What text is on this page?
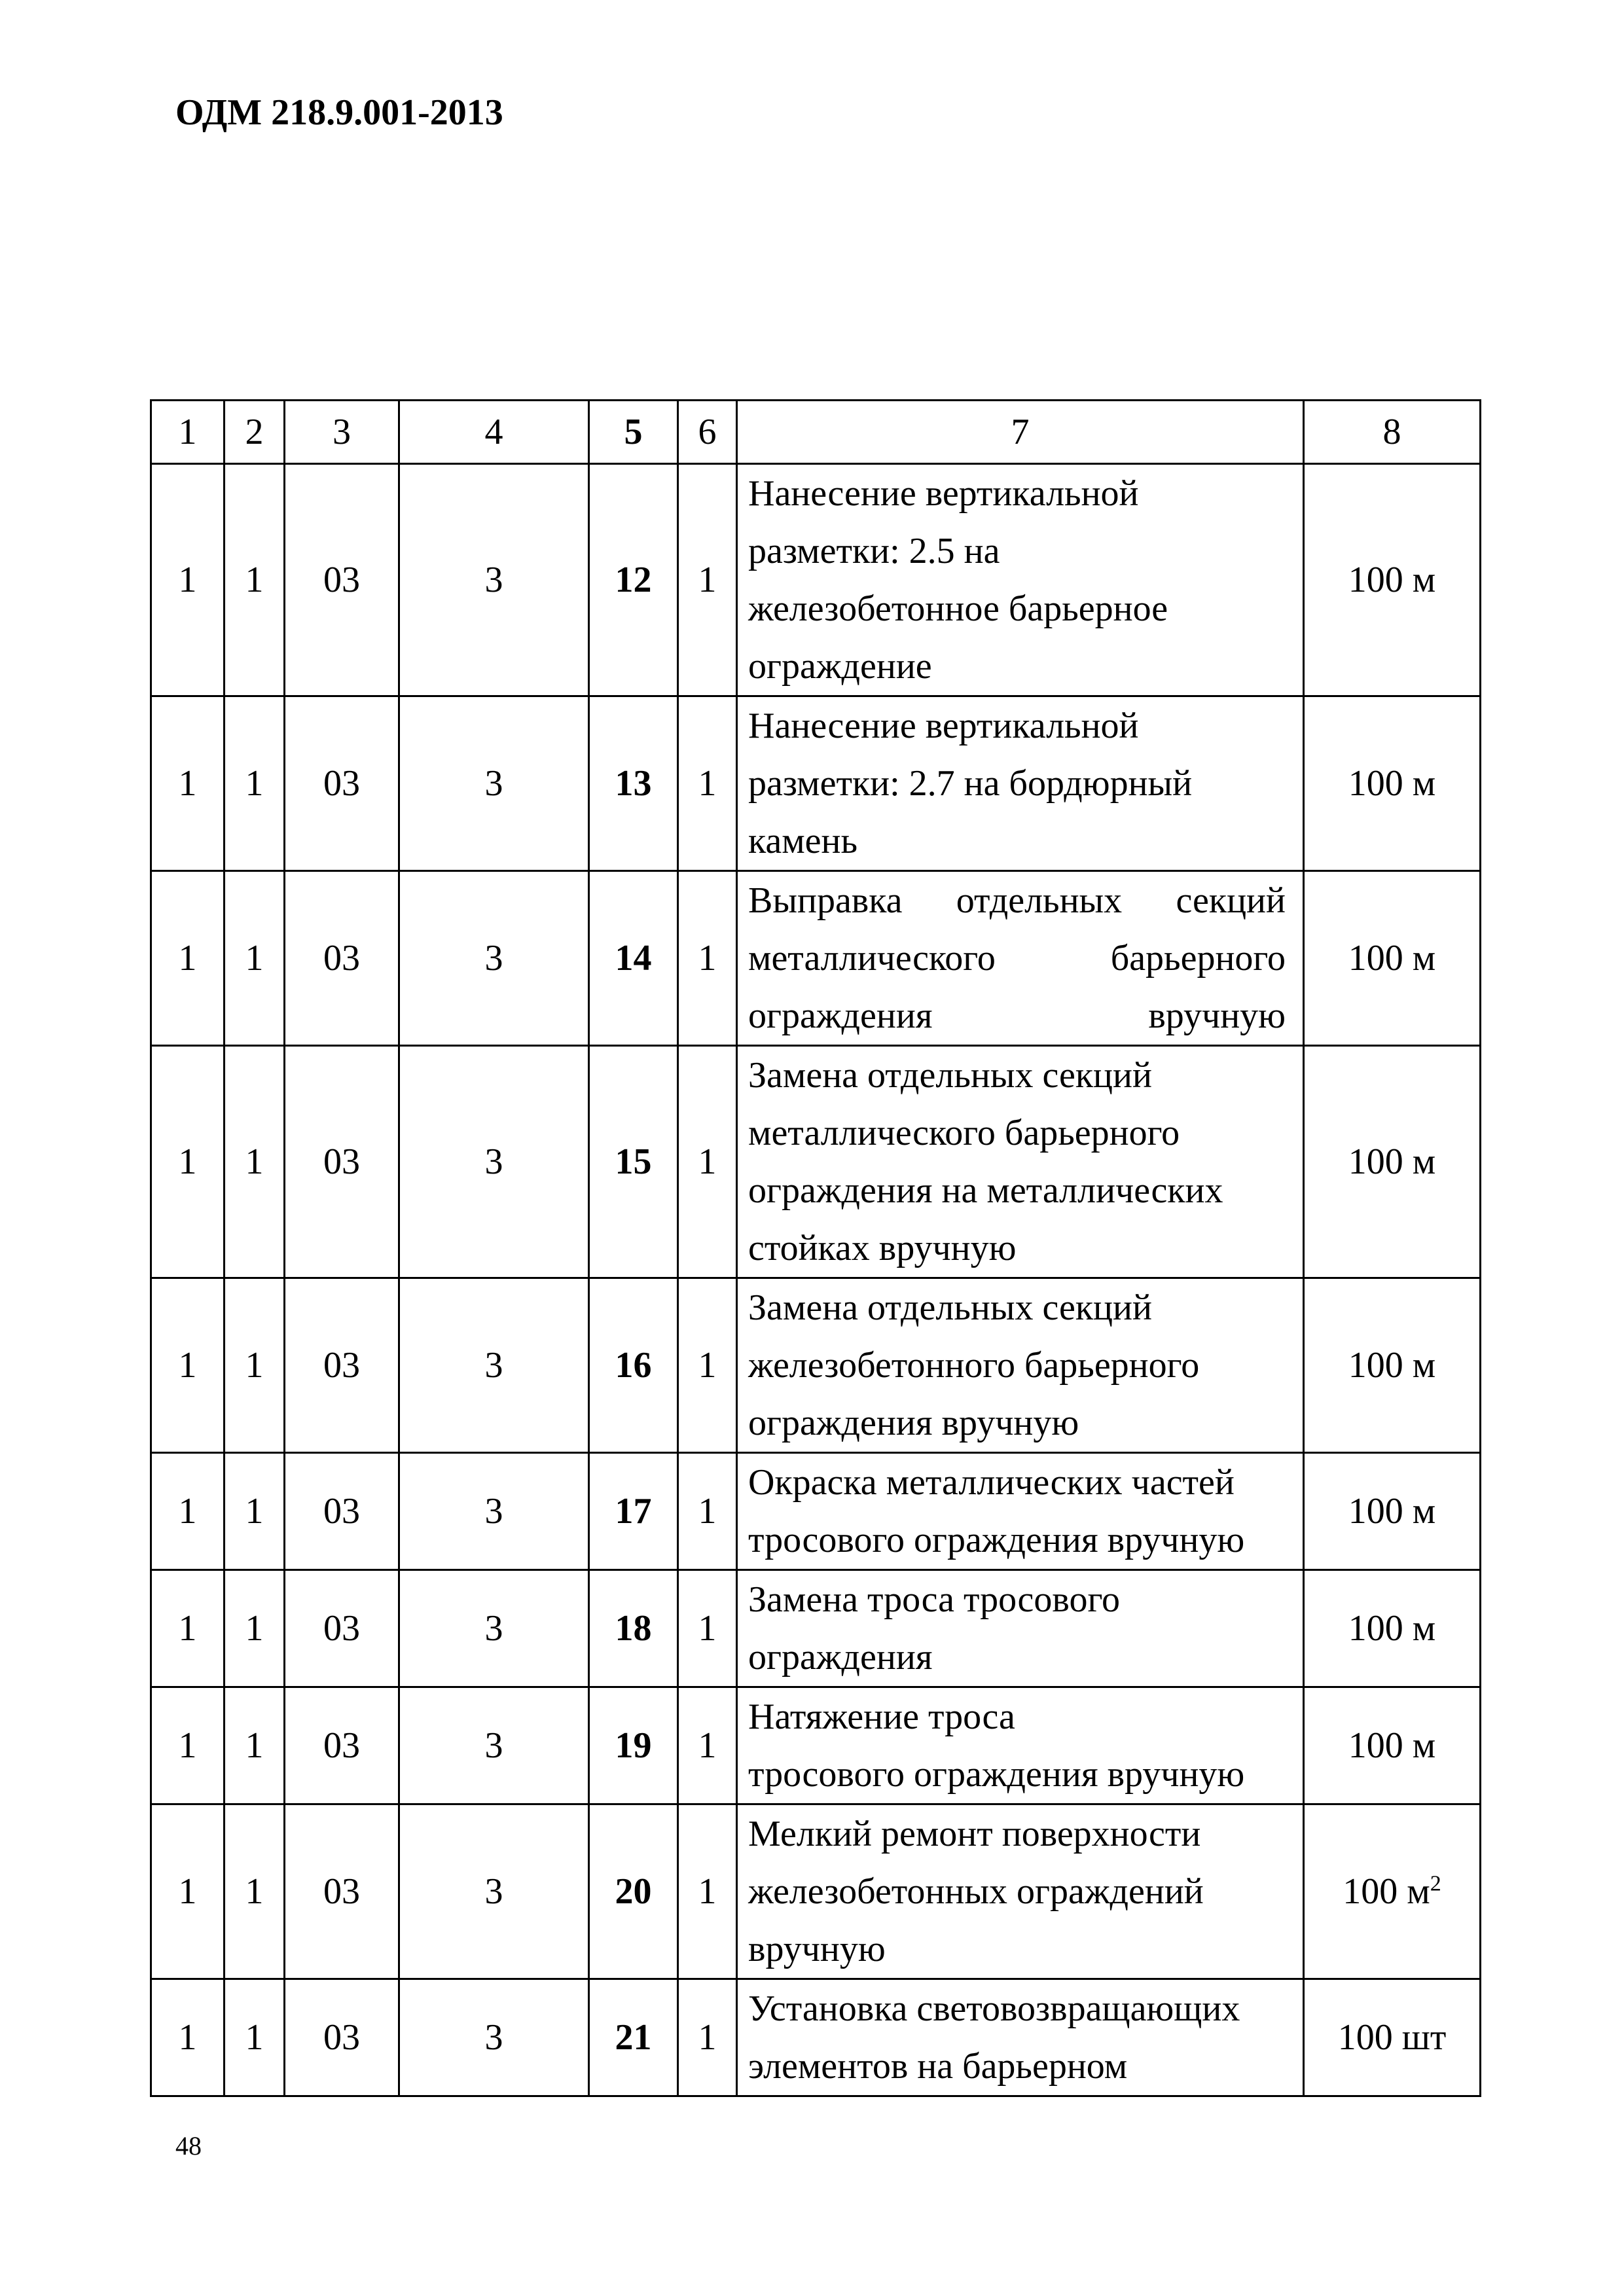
ОДМ 218.9.001-2013

1	2	3	4	5	6	7	8
1	1	03	3	12	1	Нанесение вертикальной
разметки: 2.5 на
железобетонное барьерное
ограждение	100 м
1	1	03	3	13	1	Нанесение вертикальной
разметки: 2.7 на бордюрный
камень	100 м
1	1	03	3	14	1	Выправка отдельных секций
металлического барьерного
ограждения вручную	100 м
1	1	03	3	15	1	Замена отдельных секций
металлического барьерного
ограждения на металлических
стойках вручную	100 м
1	1	03	3	16	1	Замена отдельных секций
железобетонного барьерного
ограждения вручную	100 м
1	1	03	3	17	1	Окраска металлических частей
тросового ограждения вручную	100 м
1	1	03	3	18	1	Замена троса тросового
ограждения	100 м
1	1	03	3	19	1	Натяжение троса
тросового ограждения вручную	100 м
1	1	03	3	20	1	Мелкий ремонт поверхности
железобетонных ограждений
вручную	100 $м^2$
1	1	03	3	21	1	Установка световозвращающих
элементов на барьерном	100 шт

48
